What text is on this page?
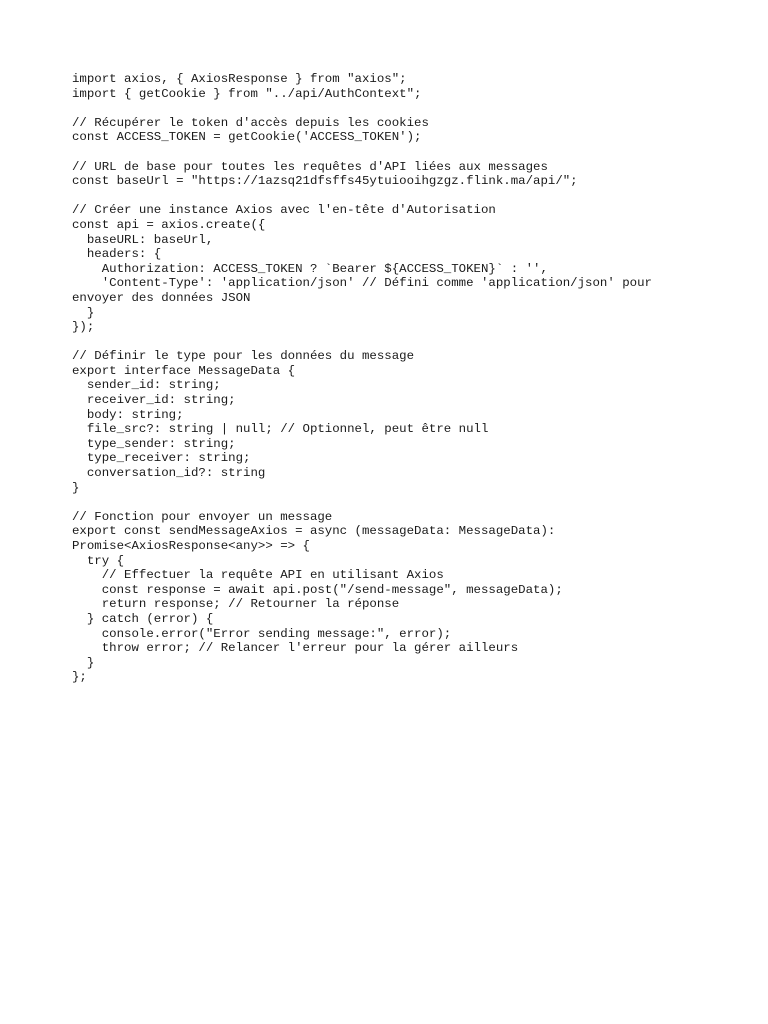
import axios, { AxiosResponse } from "axios";
import { getCookie } from "../api/AuthContext";
// Récupérer le token d'accès depuis les cookies
const ACCESS_TOKEN = getCookie('ACCESS_TOKEN');
// URL de base pour toutes les requêtes d'API liées aux messages
const baseUrl = "https://1azsq21dfsffs45ytuiooihgzgz.flink.ma/api/";
// Créer une instance Axios avec l'en-tête d'Autorisation
const api = axios.create({
baseURL: baseUrl,
headers: {
Authorization: ACCESS_TOKEN ? `Bearer ${ACCESS_TOKEN}` : '',
'Content-Type': 'application/json' // Défini comme 'application/json' pour
envoyer des données JSON
}
});
// Définir le type pour les données du message
export interface MessageData {
sender_id: string;
receiver_id: string;
body: string;
file_src?: string | null; // Optionnel, peut être null
type_sender: string;
type_receiver: string;
conversation_id?: string
}
// Fonction pour envoyer un message
export const sendMessageAxios = async (messageData: MessageData):
Promise<AxiosResponse<any>> => {
try {
// Effectuer la requête API en utilisant Axios
const response = await api.post("/send-message", messageData);
return response; // Retourner la réponse
} catch (error) {
console.error("Error sending message:", error);
throw error; // Relancer l'erreur pour la gérer ailleurs
}
};
